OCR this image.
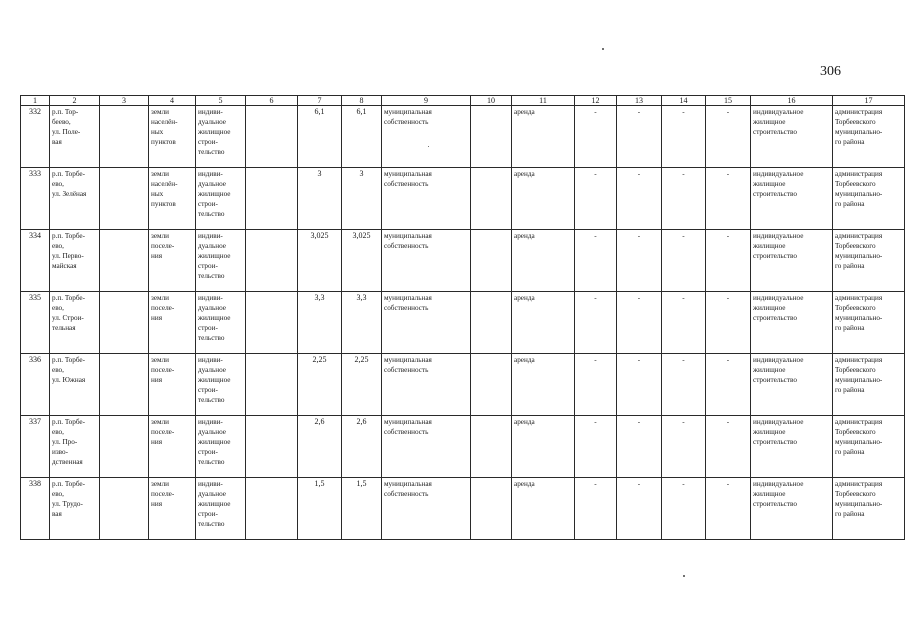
306
1	2	3	4	5	6	7	8	9	10	11	12	13	14	15	16	17
332	р.п. Тор-
беево,
ул. Поле-
вая		земли
населён-
ных
пунктов	индиви-
дуальное
жилищное
строи-
тельство		6,1	6,1	муниципальная
собственность		аренда	-	-	-	-	индивидуальное
жилищное
строительство	администрация
Торбеевского
муниципально-
го района
333	р.п. Торбе-
ево,
ул. Зелёная		земли
населён-
ных
пунктов	индиви-
дуальное
жилищное
строи-
тельство		3	3	муниципальная
собственность		аренда	-	-	-	-	индивидуальное
жилищное
строительство	администрация
Торбеевского
муниципально-
го района
334	р.п. Торбе-
ево,
ул. Перво-
майская		земли
поселе-
ния	индиви-
дуальное
жилищное
строи-
тельство		3,025	3,025	муниципальная
собственность		аренда	-	-	-	-	индивидуальное
жилищное
строительство	администрация
Торбеевского
муниципально-
го района
335	р.п. Торбе-
ево,
ул. Строи-
тельная		земли
поселе-
ния	индиви-
дуальное
жилищное
строи-
тельство		3,3	3,3	муниципальная
собственность		аренда	-	-	-	-	индивидуальное
жилищное
строительство	администрация
Торбеевского
муниципально-
го района
336	р.п. Торбе-
ево,
ул. Южная		земли
поселе-
ния	индиви-
дуальное
жилищное
строи-
тельство		2,25	2,25	муниципальная
собственность		аренда	-	-	-	-	индивидуальное
жилищное
строительство	администрация
Торбеевского
муниципально-
го района
337	р.п. Торбе-
ево,
ул. Про-
изво-
дственная		земли
поселе-
ния	индиви-
дуальное
жилищное
строи-
тельство		2,6	2,6	муниципальная
собственность		аренда	-	-	-	-	индивидуальное
жилищное
строительство	администрация
Торбеевского
муниципально-
го района
338	р.п. Торбе-
ево,
ул. Трудо-
вая		земли
поселе-
ния	индиви-
дуальное
жилищное
строи-
тельство		1,5	1,5	муниципальная
собственность		аренда	-	-	-	-	индивидуальное
жилищное
строительство	администрация
Торбеевского
муниципально-
го района
